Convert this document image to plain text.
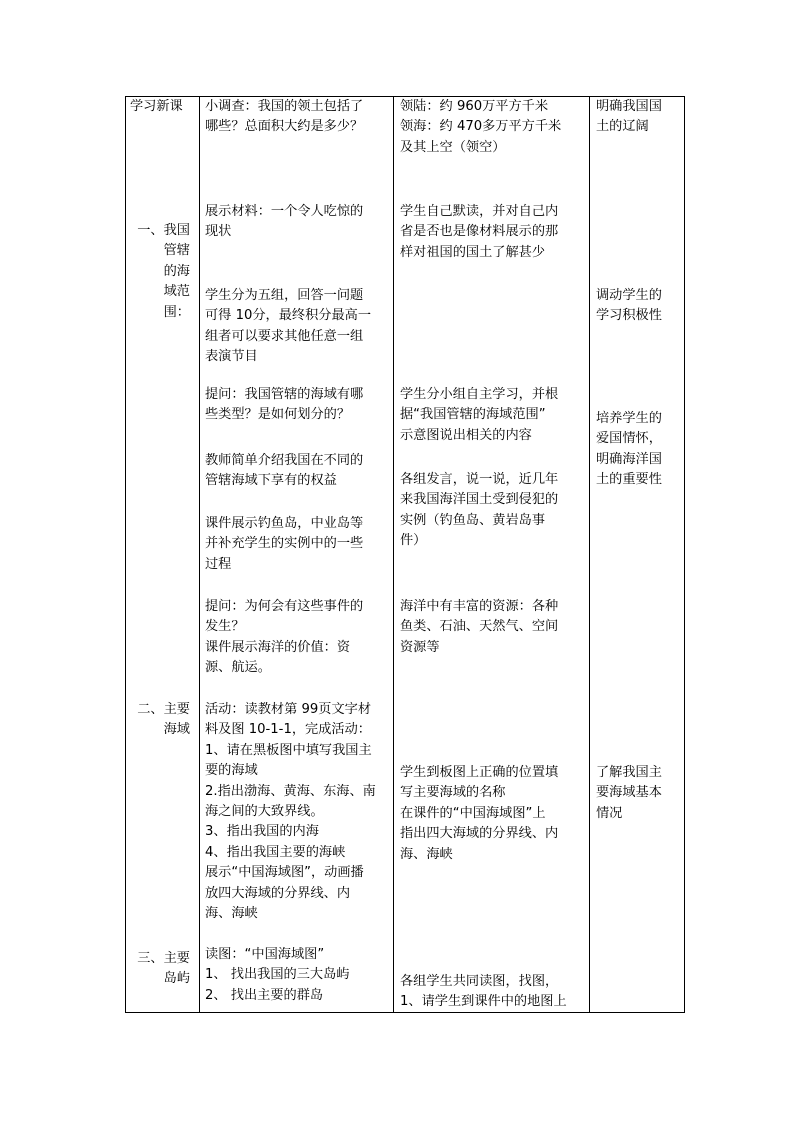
学习新课
一、我国
管辖
的海
域范
围：
二、主要
海域
三、主要
岛屿
小调查：我国的领土包括了
哪些？总面积大约是多少？
展示材料：一个令人吃惊的
现状
学生分为五组，回答一问题
可得 10分，最终积分最高一
组者可以要求其他任意一组
表演节目
提问：我国管辖的海域有哪
些类型？是如何划分的？
教师简单介绍我国在不同的
管辖海域下享有的权益
课件展示钓鱼岛，中业岛等
并补充学生的实例中的一些
过程
提问：为何会有这些事件的
发生？
课件展示海洋的价值：资
源、航运。
活动：读教材第 99页文字材
料及图 10-1-1，完成活动：
1、请在黑板图中填写我国主
要的海域
2.指出渤海、黄海、东海、南
海之间的大致界线。
3、指出我国的内海
4、指出我国主要的海峡
展示“中国海域图”，动画播
放四大海域的分界线、内
海、海峡
读图：“中国海域图”
1、 找出我国的三大岛屿
2、 找出主要的群岛
领陆：约 960万平方千米
领海：约 470多万平方千米
及其上空（领空）
学生自己默读，并对自己内
省是否也是像材料展示的那
样对祖国的国土了解甚少
学生分小组自主学习，并根
据“我国管辖的海域范围”
示意图说出相关的内容
各组发言，说一说，近几年
来我国海洋国土受到侵犯的
实例（钓鱼岛、黄岩岛事
件）
海洋中有丰富的资源：各种
鱼类、石油、天然气、空间
资源等
学生到板图上正确的位置填
写主要海域的名称
在课件的“中国海域图”上
指出四大海域的分界线、内
海、海峡
各组学生共同读图，找图，
1、请学生到课件中的地图上
明确我国国
土的辽阔
调动学生的
学习积极性
培养学生的
爱国情怀，
明确海洋国
土的重要性
了解我国主
要海域基本
情况
